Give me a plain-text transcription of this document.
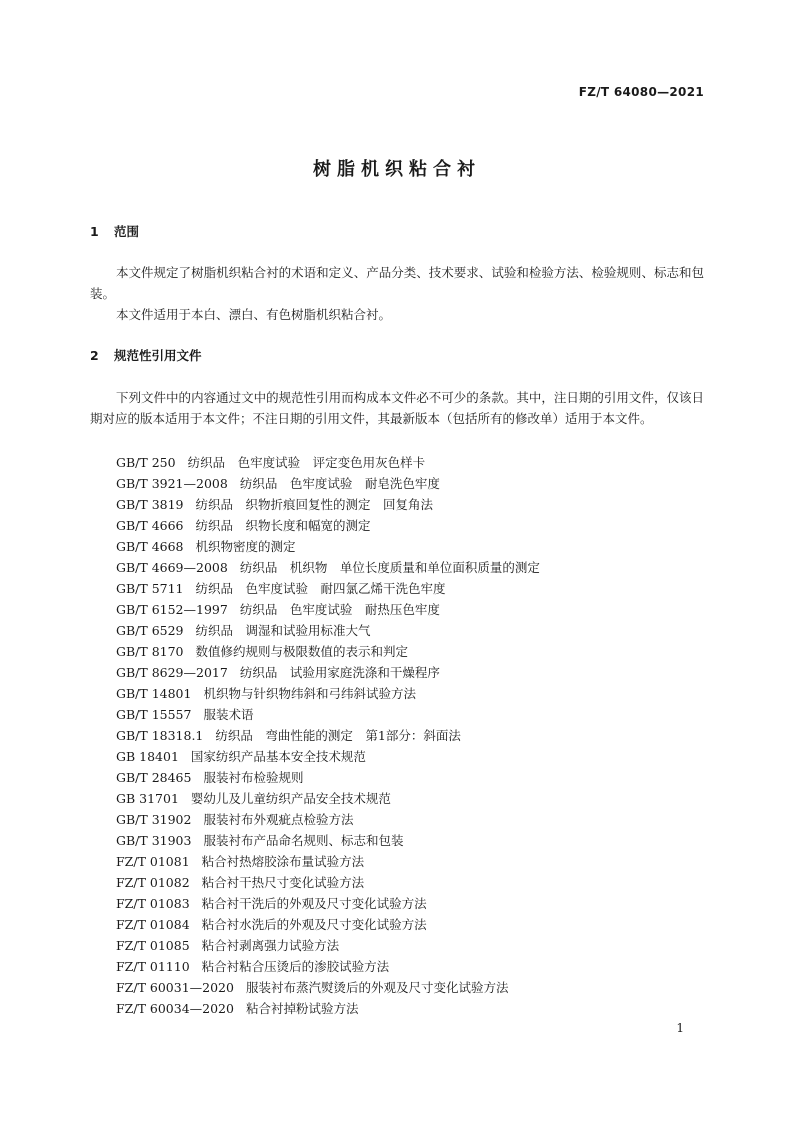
FZ/T 64080—2021
树脂机织粘合衬
1 范围

本文件规定了树脂机织粘合衬的术语和定义、产品分类、技术要求、试验和检验方法、检验规则、标志和包装。

本文件适用于本白、漂白、有色树脂机织粘合衬。

2 规范性引用文件

下列文件中的内容通过文中的规范性引用而构成本文件必不可少的条款。其中，注日期的引用文件，仅该日期对应的版本适用于本文件；不注日期的引用文件，其最新版本（包括所有的修改单）适用于本文件。

GB/T 250 纺织品　色牢度试验　评定变色用灰色样卡
GB/T 3921—2008 纺织品　色牢度试验　耐皂洗色牢度
GB/T 3819 纺织品　织物折痕回复性的测定　回复角法
GB/T 4666 纺织品　织物长度和幅宽的测定
GB/T 4668 机织物密度的测定
GB/T 4669—2008 纺织品　机织物　单位长度质量和单位面积质量的测定
GB/T 5711 纺织品　色牢度试验　耐四氯乙烯干洗色牢度
GB/T 6152—1997 纺织品　色牢度试验　耐热压色牢度
GB/T 6529 纺织品　调湿和试验用标准大气
GB/T 8170 数值修约规则与极限数值的表示和判定
GB/T 8629—2017 纺织品　试验用家庭洗涤和干燥程序
GB/T 14801 机织物与针织物纬斜和弓纬斜试验方法
GB/T 15557 服装术语
GB/T 18318.1 纺织品　弯曲性能的测定　第1部分：斜面法
GB 18401 国家纺织产品基本安全技术规范
GB/T 28465 服装衬布检验规则
GB 31701 婴幼儿及儿童纺织产品安全技术规范
GB/T 31902 服装衬布外观疵点检验方法
GB/T 31903 服装衬布产品命名规则、标志和包装
FZ/T 01081 粘合衬热熔胶涂布量试验方法
FZ/T 01082 粘合衬干热尺寸变化试验方法
FZ/T 01083 粘合衬干洗后的外观及尺寸变化试验方法
FZ/T 01084 粘合衬水洗后的外观及尺寸变化试验方法
FZ/T 01085 粘合衬剥离强力试验方法
FZ/T 01110 粘合衬粘合压烫后的渗胶试验方法
FZ/T 60031—2020 服装衬布蒸汽熨烫后的外观及尺寸变化试验方法
FZ/T 60034—2020 粘合衬掉粉试验方法
1
